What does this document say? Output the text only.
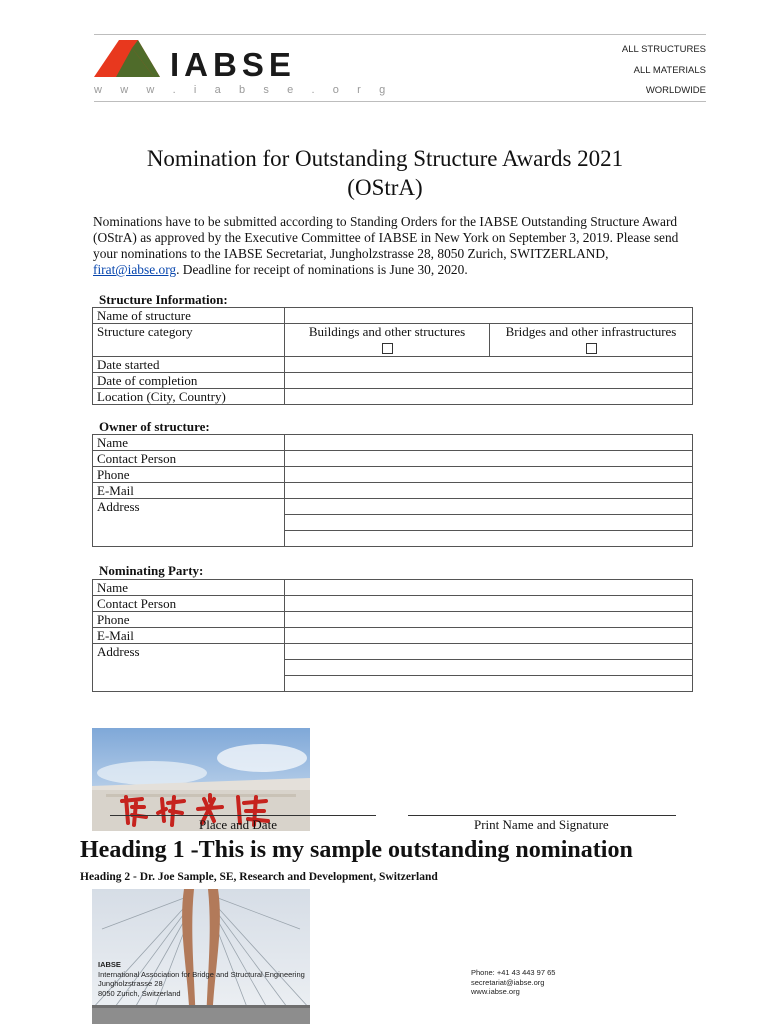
IABSE
w w w . i a b s e . o r g
ALL STRUCTURES
ALL MATERIALS
WORLDWIDE
Nomination for Outstanding Structure Awards 2021
(OStrA)
Nominations have to be submitted according to Standing Orders for the IABSE Outstanding Structure Award (OStrA) as approved by the Executive Committee of IABSE in New York on September 3, 2019. Please send your nominations to the IABSE Secretariat, Jungholzstrasse 28, 8050 Zurich, SWITZERLAND, firat@iabse.org. Deadline for receipt of nominations is June 30, 2020.
Structure Information:
Name of structure		
Structure category	Buildings and other structures	Bridges and other infrastructures

Date started		
Date of completion		
Location (City, Country)		
Owner of structure:
Name	
Contact Person	
Phone	
E-Mail	
Address	

Nominating Party:
Name	
Contact Person	
Phone	
E-Mail	
Address	

Place and Date	Print Name and Signature
Heading 1 -This is my sample outstanding nomination
Heading 2 - Dr. Joe Sample, SE, Research and Development, Switzerland
IABSE
International Association for Bridge and Structural Engineering
Jungholzstrasse 28
8050 Zurich, Switzerland
Phone: +41 43 443 97 65
secretariat@iabse.org
www.iabse.org
